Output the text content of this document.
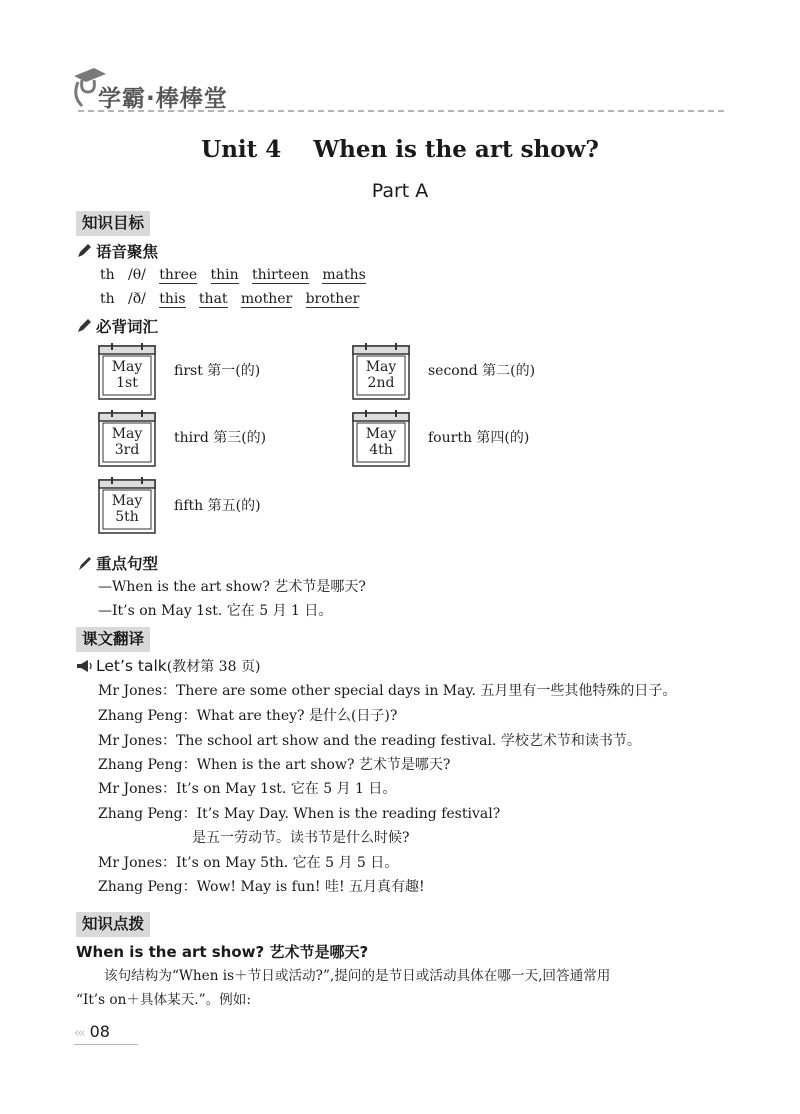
学霸·棒棒堂
Unit 4    When is the art show?
Part A
知识目标
语音聚焦
th /θ/ three thin thirteen maths
th /ð/ this that mother brother
必背词汇
May
1st
first 第一(的)	May
2nd
second 第二(的)
May
3rd
third 第三(的)	May
4th
fourth 第四(的)
May
5th
fifth 第五(的)
重点句型
—When is the art show? 艺术节是哪天?
—It’s on May 1st. 它在 5 月 1 日。
课文翻译
Let’s talk(教材第 38 页)
Mr Jones：There are some other special days in May. 五月里有一些其他特殊的日子。
Zhang Peng：What are they? 是什么(日子)?
Mr Jones：The school art show and the reading festival. 学校艺术节和读书节。
Zhang Peng：When is the art show? 艺术节是哪天?
Mr Jones：It’s on May 1st. 它在 5 月 1 日。
Zhang Peng：It’s May Day. When is the reading festival?
是五一劳动节。读书节是什么时候?
Mr Jones：It’s on May 5th. 它在 5 月 5 日。
Zhang Peng：Wow! May is fun! 哇! 五月真有趣!
知识点拨
When is the art show? 艺术节是哪天?
该句结构为“When is＋节日或活动?”,提问的是节日或活动具体在哪一天,回答通常用
“It’s on＋具体某天.”。例如:
‹‹‹ 08
